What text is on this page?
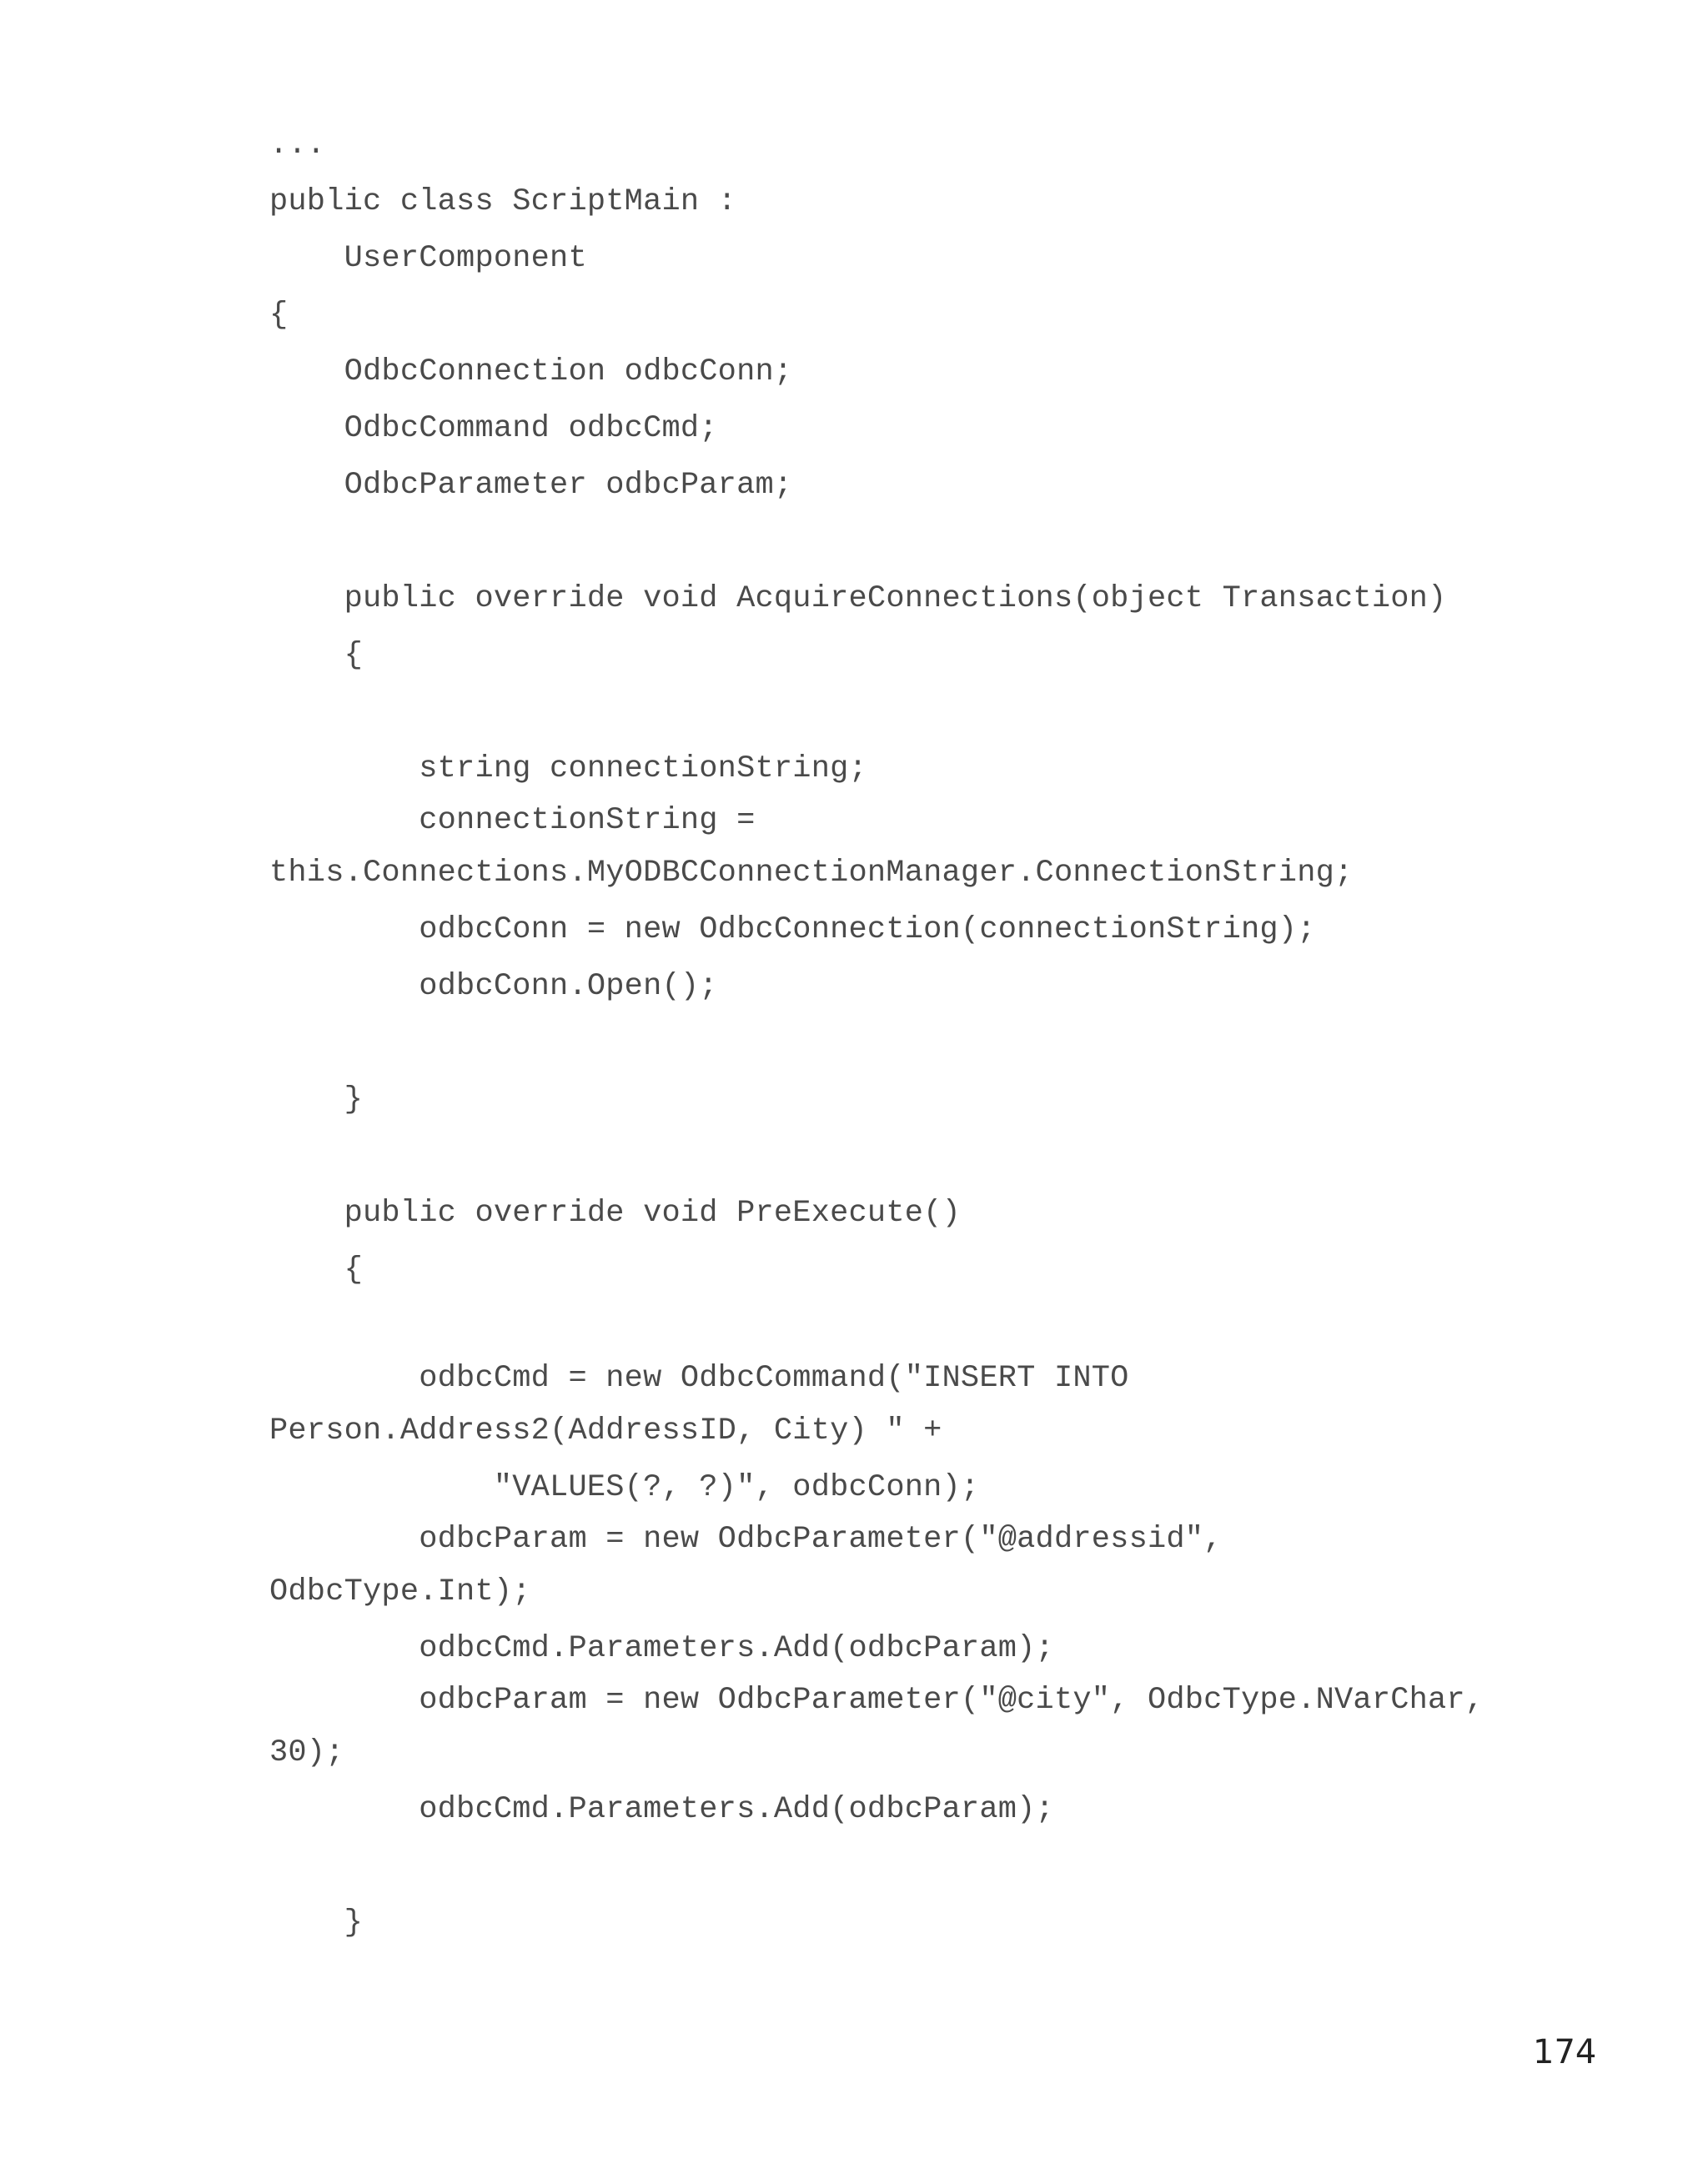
...
public class ScriptMain :
UserComponent
{
OdbcConnection odbcConn;
OdbcCommand odbcCmd;
OdbcParameter odbcParam;
public override void AcquireConnections(object Transaction)
{
string connectionString;
connectionString =
this.Connections.MyODBCConnectionManager.ConnectionString;
odbcConn = new OdbcConnection(connectionString);
odbcConn.Open();
}
public override void PreExecute()
{
odbcCmd = new OdbcCommand("INSERT INTO
Person.Address2(AddressID, City) " +
"VALUES(?, ?)", odbcConn);
odbcParam = new OdbcParameter("@addressid",
OdbcType.Int);
odbcCmd.Parameters.Add(odbcParam);
odbcParam = new OdbcParameter("@city", OdbcType.NVarChar,
30);
odbcCmd.Parameters.Add(odbcParam);
}
174
